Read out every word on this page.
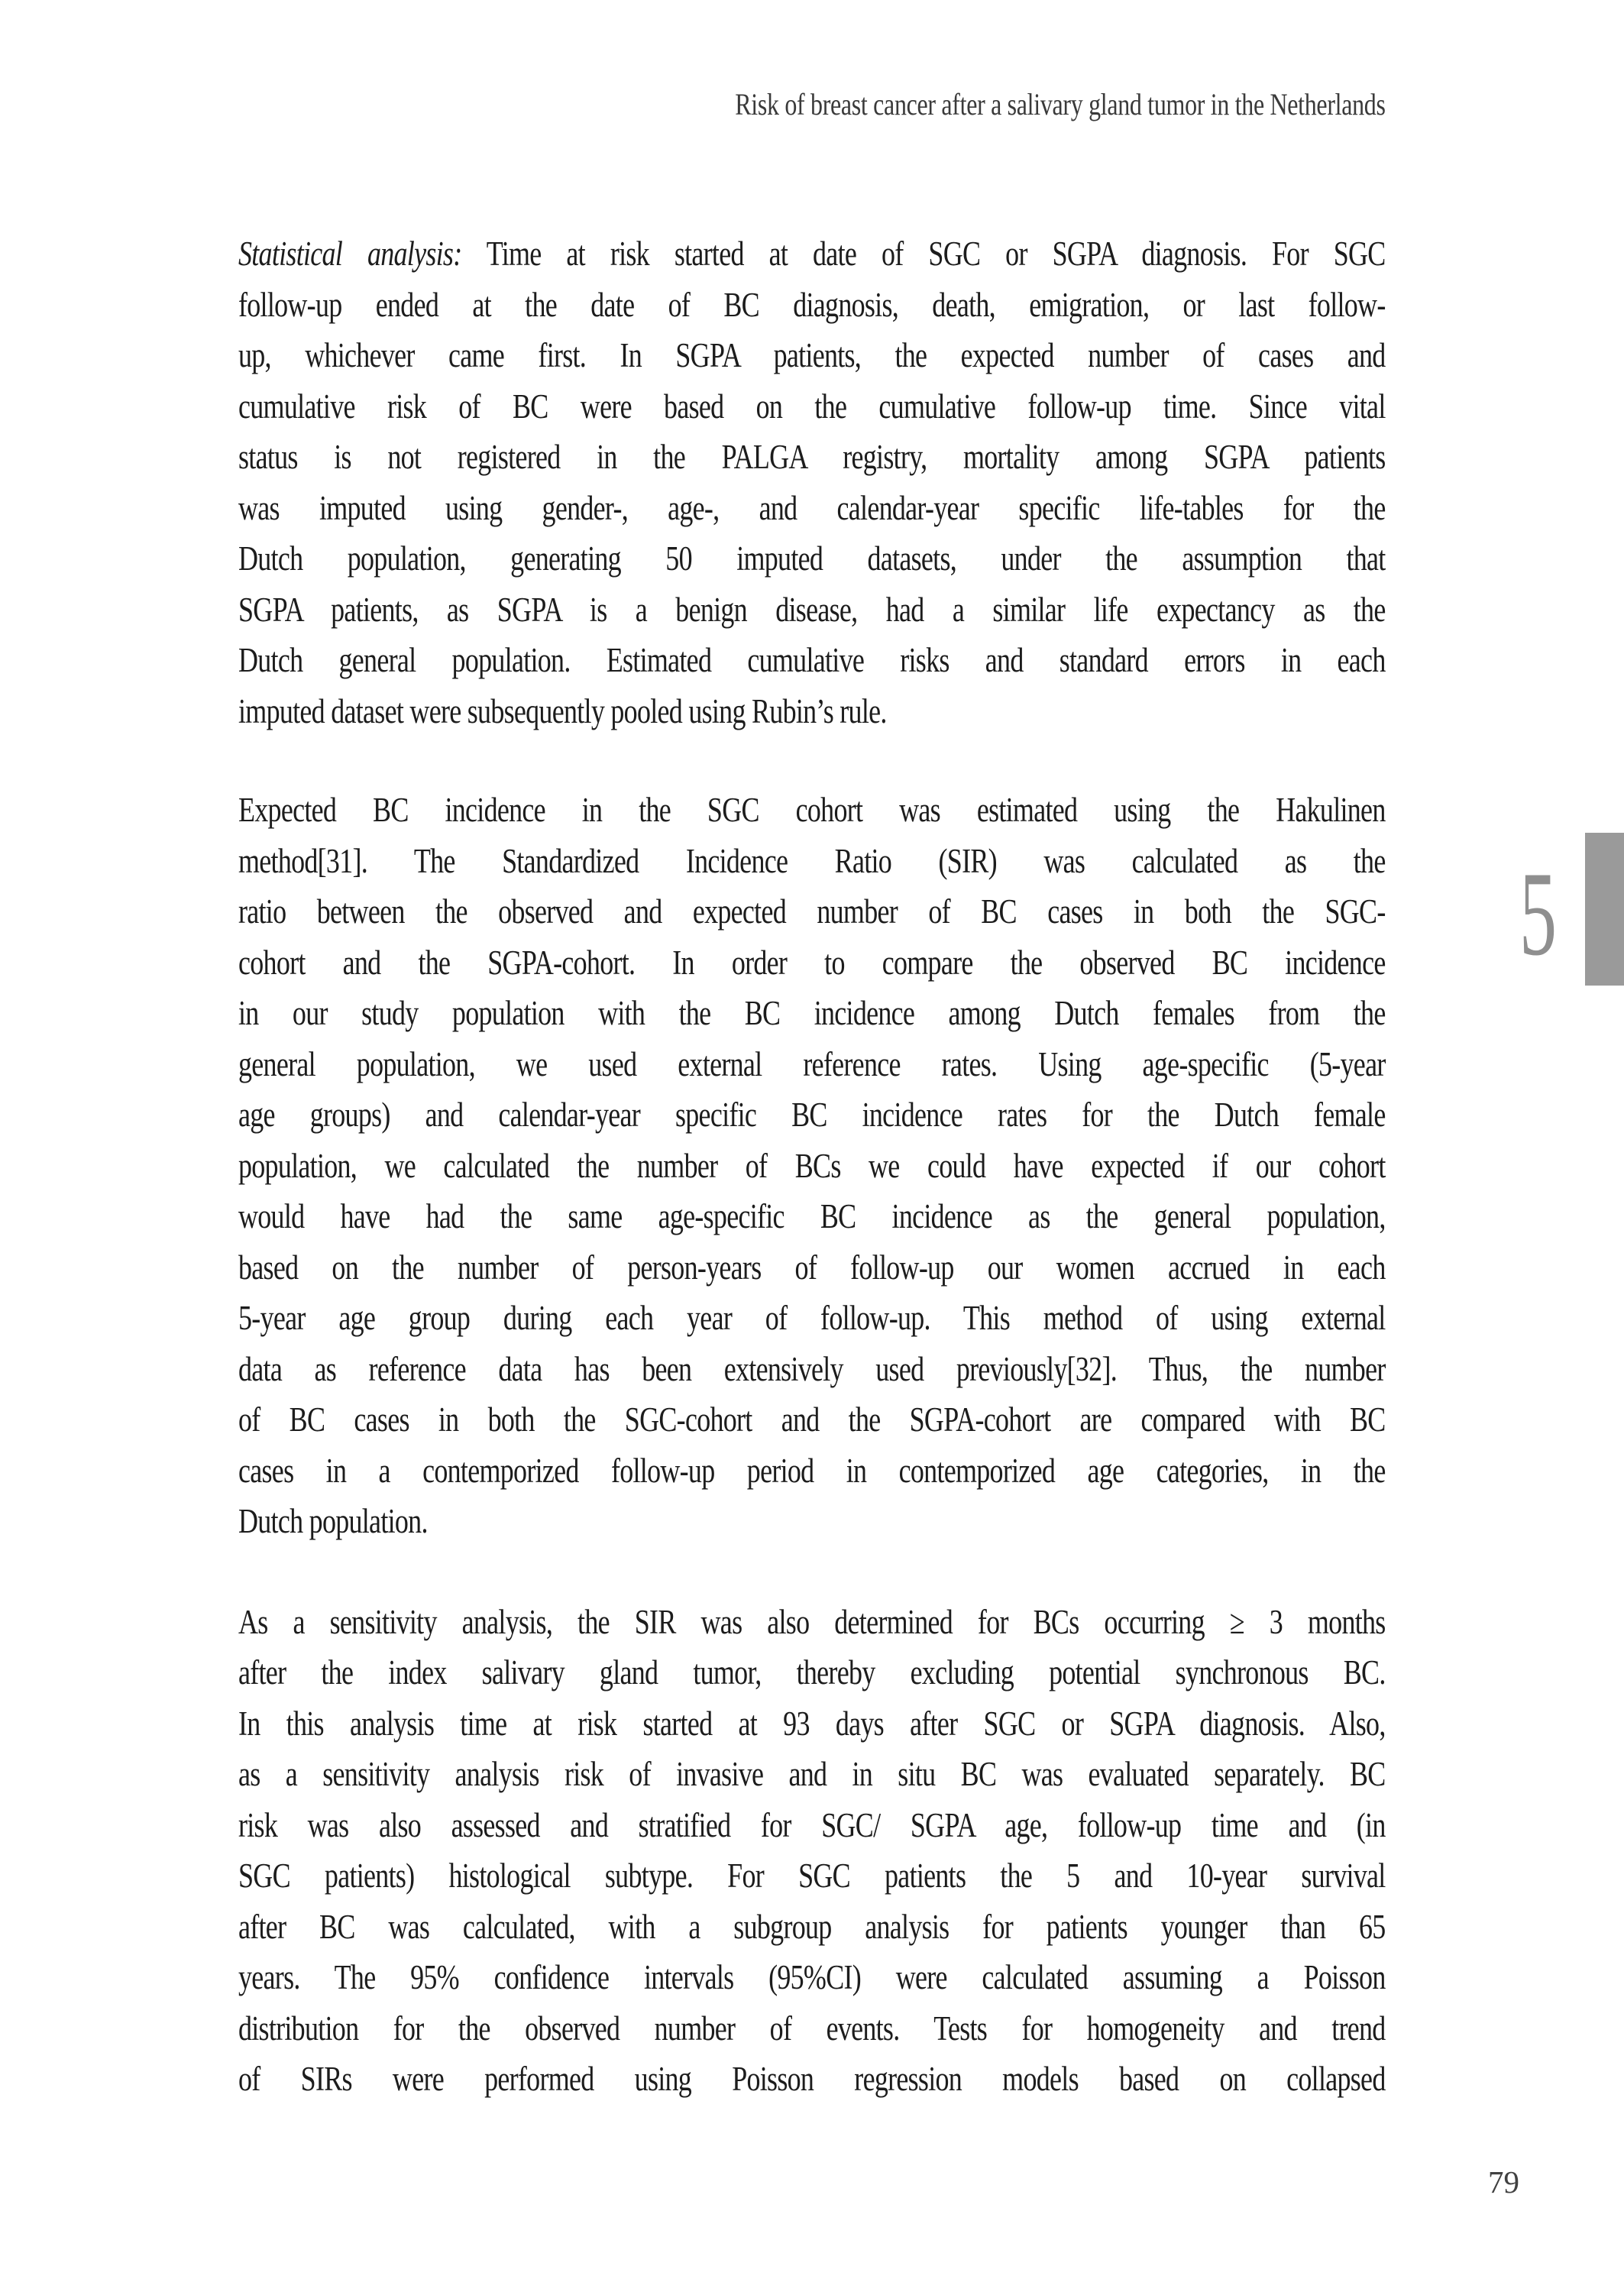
Risk of breast cancer after a salivary gland tumor in the Netherlands
Statistical analysis: Time at risk started at date of SGC or SGPA diagnosis. For SGC
follow-up ended at the date of BC diagnosis, death, emigration, or last follow-
up, whichever came first. In SGPA patients, the expected number of cases and
cumulative risk of BC were based on the cumulative follow-up time. Since vital
status is not registered in the PALGA registry, mortality among SGPA patients
was imputed using gender-, age-, and calendar-year specific life-tables for the
Dutch population, generating 50 imputed datasets, under the assumption that
SGPA patients, as SGPA is a benign disease, had a similar life expectancy as the
Dutch general population. Estimated cumulative risks and standard errors in each
imputed dataset were subsequently pooled using Rubin’s rule.
Expected BC incidence in the SGC cohort was estimated using the Hakulinen
method[31]. The Standardized Incidence Ratio (SIR) was calculated as the
ratio between the observed and expected number of BC cases in both the SGC-
cohort and the SGPA-cohort. In order to compare the observed BC incidence
in our study population with the BC incidence among Dutch females from the
general population, we used external reference rates. Using age-specific (5-year
age groups) and calendar-year specific BC incidence rates for the Dutch female
population, we calculated the number of BCs we could have expected if our cohort
would have had the same age-specific BC incidence as the general population,
based on the number of person-years of follow-up our women accrued in each
5-year age group during each year of follow-up. This method of using external
data as reference data has been extensively used previously[32]. Thus, the number
of BC cases in both the SGC-cohort and the SGPA-cohort are compared with BC
cases in a contemporized follow-up period in contemporized age categories, in the
Dutch population.
As a sensitivity analysis, the SIR was also determined for BCs occurring ≥ 3 months
after the index salivary gland tumor, thereby excluding potential synchronous BC.
In this analysis time at risk started at 93 days after SGC or SGPA diagnosis. Also,
as a sensitivity analysis risk of invasive and in situ BC was evaluated separately. BC
risk was also assessed and stratified for SGC/ SGPA age, follow-up time and (in
SGC patients) histological subtype. For SGC patients the 5 and 10-year survival
after BC was calculated, with a subgroup analysis for patients younger than 65
years. The 95% confidence intervals (95%CI) were calculated assuming a Poisson
distribution for the observed number of events. Tests for homogeneity and trend
of SIRs were performed using Poisson regression models based on collapsed
5
79
